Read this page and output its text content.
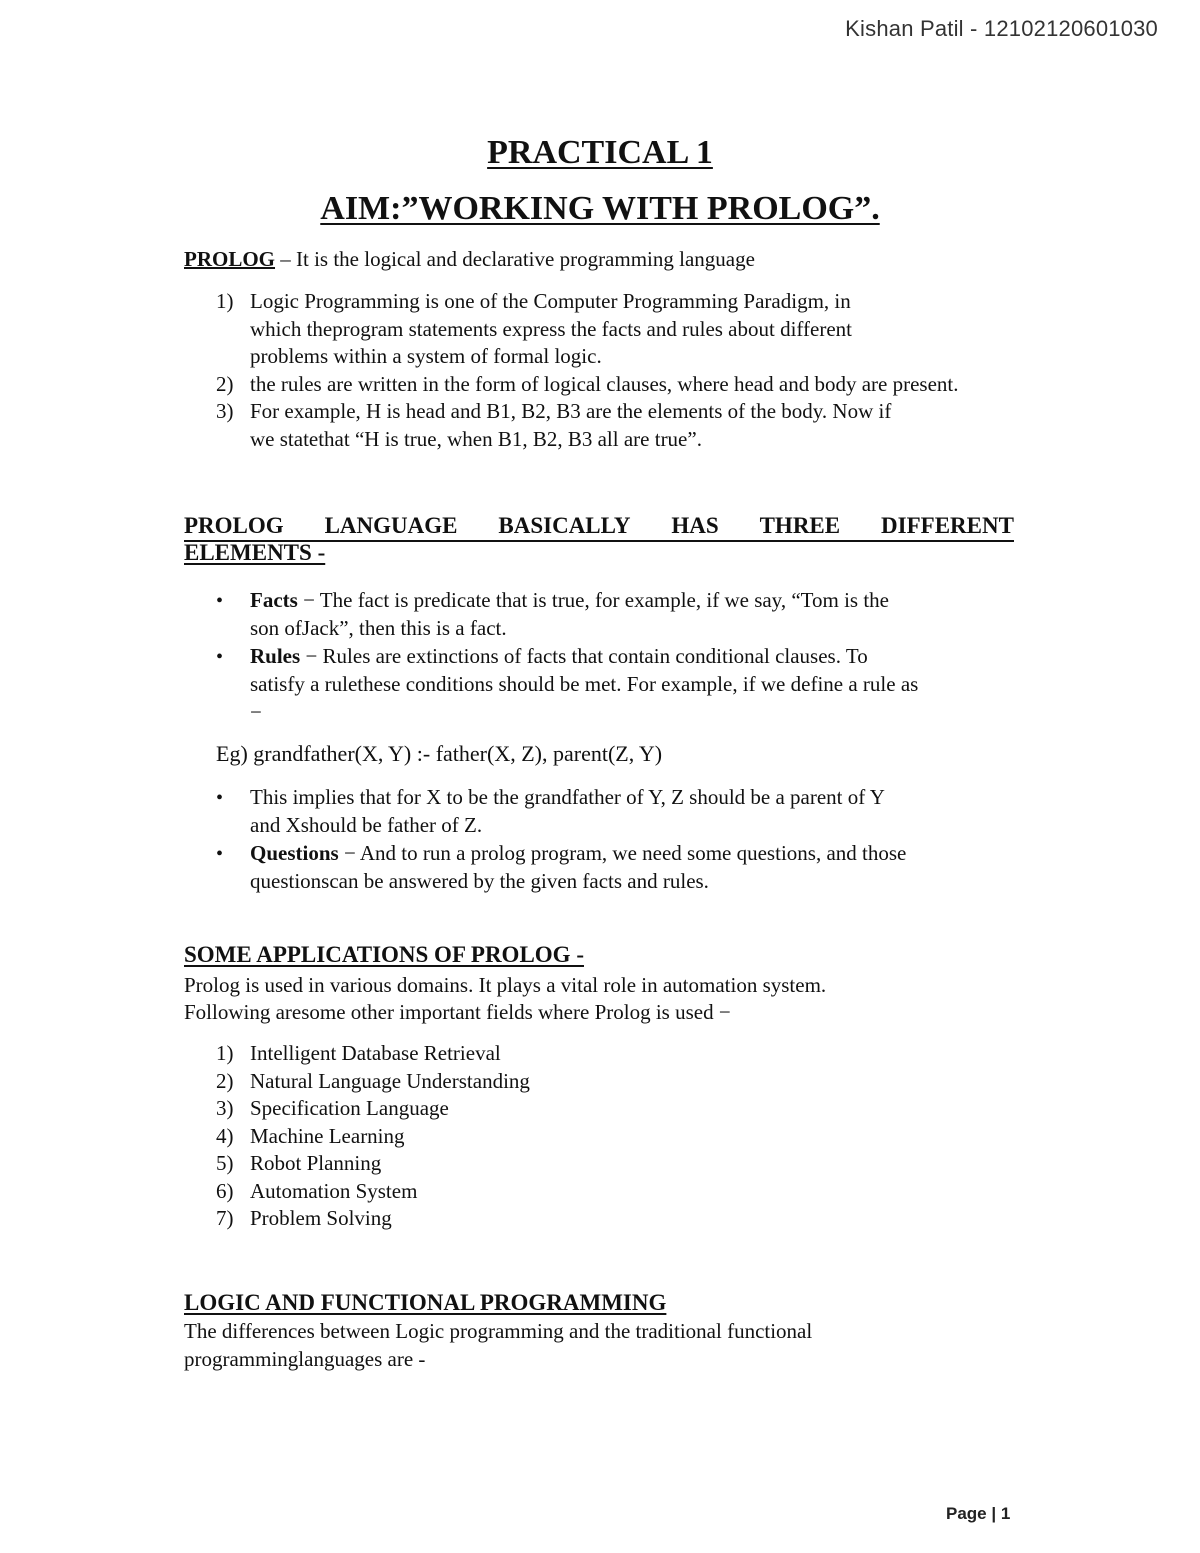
Kishan Patil - 12102120601030
PRACTICAL 1
AIM:”WORKING WITH PROLOG”.
PROLOG – It is the logical and declarative programming language
1) Logic Programming is one of the Computer Programming Paradigm, in
which theprogram statements express the facts and rules about different
problems within a system of formal logic.
2) the rules are written in the form of logical clauses, where head and body are present.
3) For example, H is head and B1, B2, B3 are the elements of the body. Now if
we statethat “H is true, when B1, B2, B3 all are true”.
PROLOG LANGUAGE BASICALLY HAS THREE DIFFERENT
ELEMENTS -
•
Facts − The fact is predicate that is true, for example, if we say, “Tom is the
son ofJack”, then this is a fact.
•
Rules − Rules are extinctions of facts that contain conditional clauses. To
satisfy a rulethese conditions should be met. For example, if we define a rule as
−
Eg) grandfather(X, Y) :- father(X, Z), parent(Z, Y)
•
This implies that for X to be the grandfather of Y, Z should be a parent of Y
and Xshould be father of Z.
•
Questions − And to run a prolog program, we need some questions, and those
questionscan be answered by the given facts and rules.
SOME APPLICATIONS OF PROLOG -
Prolog is used in various domains. It plays a vital role in automation system.
Following aresome other important fields where Prolog is used −
1) Intelligent Database Retrieval
2) Natural Language Understanding
3) Specification Language
4) Machine Learning
5) Robot Planning
6) Automation System
7) Problem Solving
LOGIC AND FUNCTIONAL PROGRAMMING
The differences between Logic programming and the traditional functional
programminglanguages are -
Page | 1
